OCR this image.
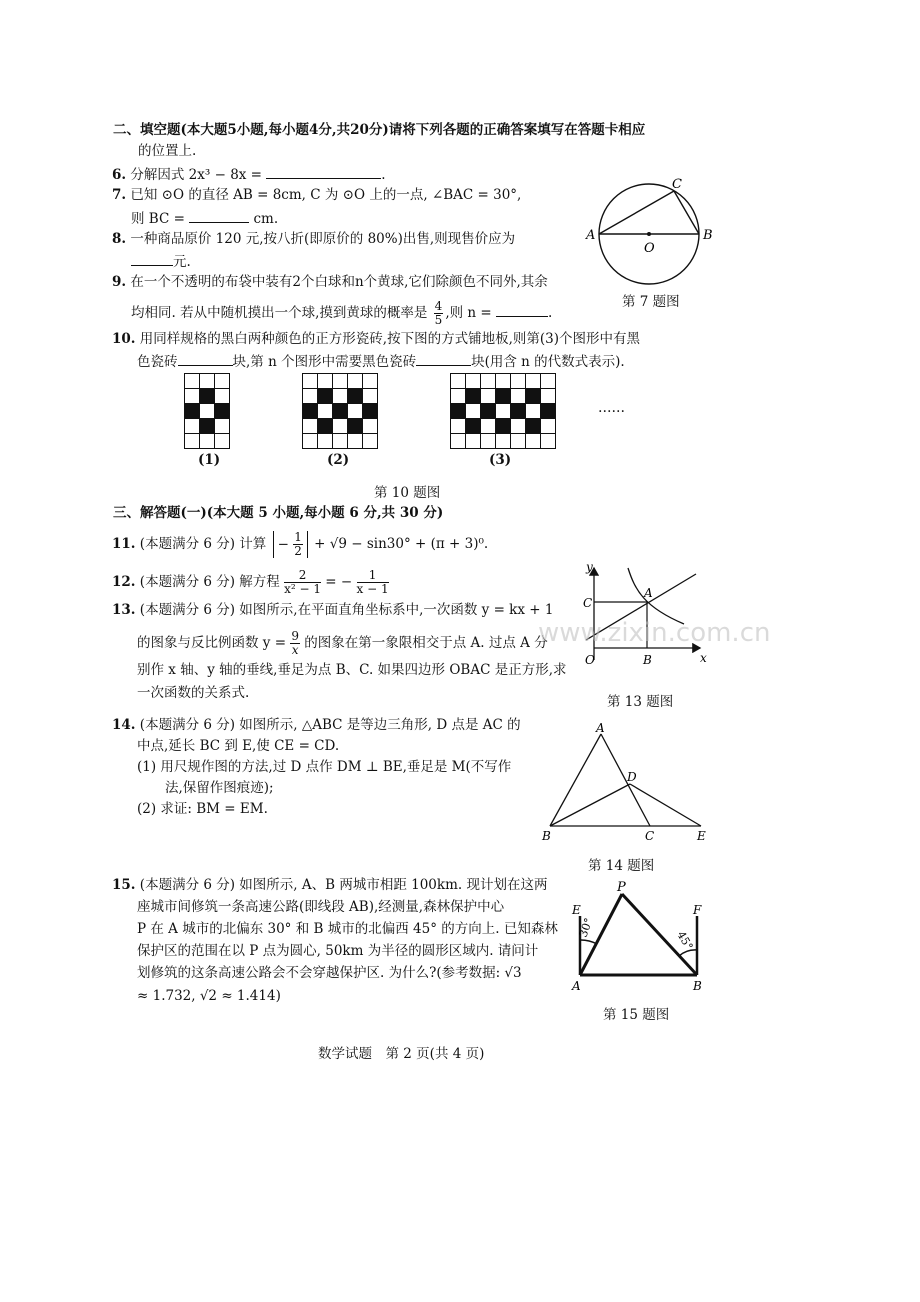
二、填空题(本大题5小题,每小题4分,共20分)请将下列各题的正确答案填写在答题卡相应
的位置上.
6. 分解因式 2x³ − 8x =	.
7. 已知 ⊙O 的直径 AB = 8cm, C 为 ⊙O 上的一点, ∠BAC = 30°,
则 BC =	cm.
8. 一种商品原价 120 元,按八折(即原价的 80%)出售,则现售价应为
元.
9. 在一个不透明的布袋中装有2个白球和n个黄球,它们除颜色不同外,其余
均相同. 若从中随机摸出一个球,摸到黄球的概率是 $\frac{4}{5}$ ,则 n =	.
A	B
C
O
第 7 题图
10. 用同样规格的黑白两种颜色的正方形瓷砖,按下图的方式铺地板,则第(3)个图形中有黑
色瓷砖	块,第 n 个图形中需要黑色瓷砖	块(用含 n 的代数式表示).
……
(1)	(2)	(3)
第 10 题图
三、解答题(一)(本大题 5 小题,每小题 6 分,共 30 分)
11. (本题满分 6 分) 计算 − $\frac{1}{2} + √9 - \sin 30^\circ + (\pi + 3)^0$.
12. (本题满分 6 分) 解方程 $\frac{2}{\text{x² − 1}}$ = − $\frac{1}{x - 1}$
13. (本题满分 6 分) 如图所示,在平面直角坐标系中,一次函数 y = kx + 1
的图象与反比例函数 $y = \frac{9}{x}$ 的图象在第一象限相交于点 A. 过点 A 分
别作 x 轴、y 轴的垂线,垂足为点 B、C. 如果四边形 OBAC 是正方形,求
一次函数的关系式.
y
x
C
A
O	B
第 13 题图
www.zixin.com.cn
14. (本题满分 6 分) 如图所示, △ABC 是等边三角形, D 点是 AC 的
中点,延长 BC 到 E,使 CE = CD.
(1) 用尺规作图的方法,过 D 点作 DM ⊥ BE,垂足是 M(不写作
法,保留作图痕迹);
(2) 求证: BM = EM.
A
D
B	C	E
第 14 题图
15. (本题满分 6 分) 如图所示, A、B 两城市相距 100km. 现计划在这两
座城市间修筑一条高速公路(即线段 AB),经测量,森林保护中心
P 在 A 城市的北偏东 30° 和 B 城市的北偏西 45° 的方向上. 已知森林
保护区的范围在以 P 点为圆心, 50km 为半径的圆形区域内. 请问计
划修筑的这条高速公路会不会穿越保护区. 为什么?(参考数据: √3
≈ 1.732, √2 ≈ 1.414)
P
E	F
A	B
30°
45°
第 15 题图
数学试题　第 2 页(共 4 页)
